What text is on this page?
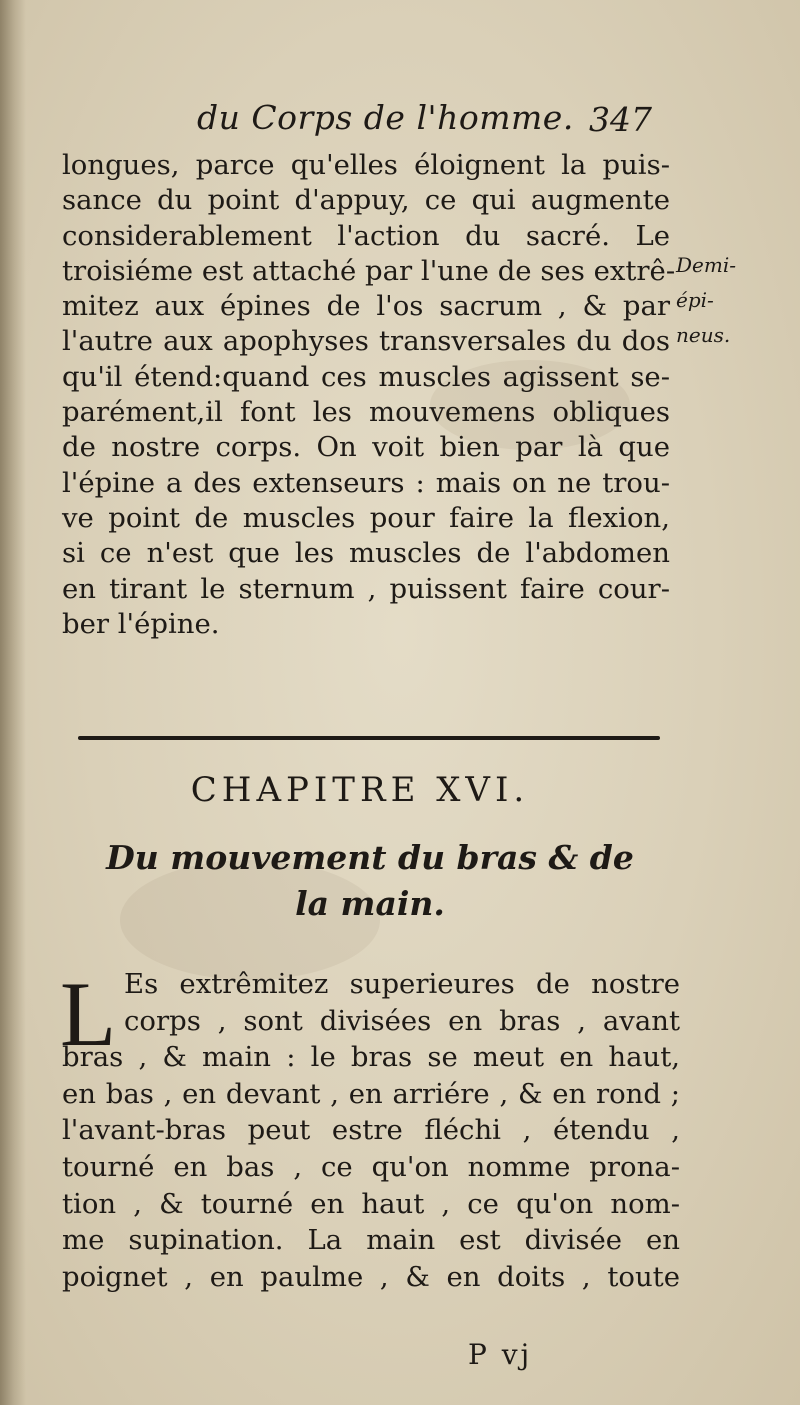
du Corps de l'homme. 347
longues, parce qu'elles éloignent la puis-
sance du point d'appuy, ce qui augmente
considerablement l'action du sacré. Le
troisiéme est attaché par l'une de ses extrê-
mitez aux épines de l'os sacrum , & par
l'autre aux apophyses transversales du dos
qu'il étend:quand ces muscles agissent se-
parément,il font les mouvemens obliques
de nostre corps. On voit bien par là que
l'épine a des extenseurs : mais on ne trou-
ve point de muscles pour faire la flexion,
si ce n'est que les muscles de l'abdomen
en tirant le sternum , puissent faire cour-
ber l'épine.
Demi-
épi-
neus.
CHAPITRE XVI.
Du mouvement du bras & de
la main.
L Es extrêmitez superieures de nostre
corps , sont divisées en bras , avant
bras , & main : le bras se meut en haut,
en bas , en devant , en arriére , & en rond ;
l'avant-bras peut estre fléchi , étendu ,
tourné en bas , ce qu'on nomme prona-
tion , & tourné en haut , ce qu'on nom-
me supination. La main est divisée en
poignet , en paulme , & en doits , toute
P vj
